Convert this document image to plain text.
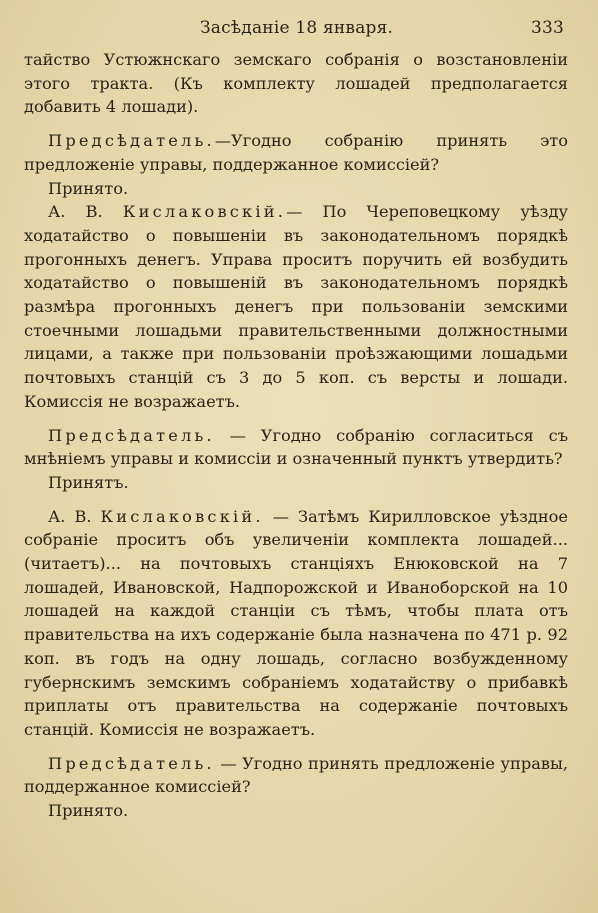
Засѣданіе 18 января.	333

тайство Устюжнскаго земскаго собранія о возстановленіи этого тракта. (Къ комплекту лошадей предполагается добавить 4 лошади).

Предсѣдатель.—Угодно собранію принять это предложеніе управы, поддержанное комиссіей?

Принято.

А. В. Кислаковскій.— По Череповецкому уѣзду ходатайство о повышеніи въ законодательномъ порядкѣ прогонныхъ денегъ. Управа проситъ поручить ей возбудить ходатайство о повышеній въ законодательномъ порядкѣ размѣра прогонныхъ денегъ при пользованіи земскими стоечными лошадьми правительственными должностными лицами, а также при пользованіи проѣзжающими лошадьми почтовыхъ станцій съ 3 до 5 коп. съ версты и лошади. Комиссія не возражаетъ.

Предсѣдатель. — Угодно собранію согласиться съ мнѣніемъ управы и комиссіи и означенный пунктъ утвердить?

Принятъ.

А. В. Кислаковскій. — Затѣмъ Кирилловское уѣздное собраніе проситъ объ увеличеніи комплекта лошадей... (читаетъ)... на почтовыхъ станціяхъ Енюковской на 7 лошадей, Ивановской, Надпорожской и Иваноборской на 10 лошадей на каждой станціи съ тѣмъ, чтобы плата отъ правительства на ихъ содержаніе была назначена по 471 р. 92 коп. въ годъ на одну лошадь, согласно возбужденному губернскимъ земскимъ собраніемъ ходатайству о прибавкѣ приплаты отъ правительства на содержаніе почтовыхъ станцій. Комиссія не возражаетъ.

Предсѣдатель. — Угодно принять предложеніе управы, поддержанное комиссіей?

Принято.
